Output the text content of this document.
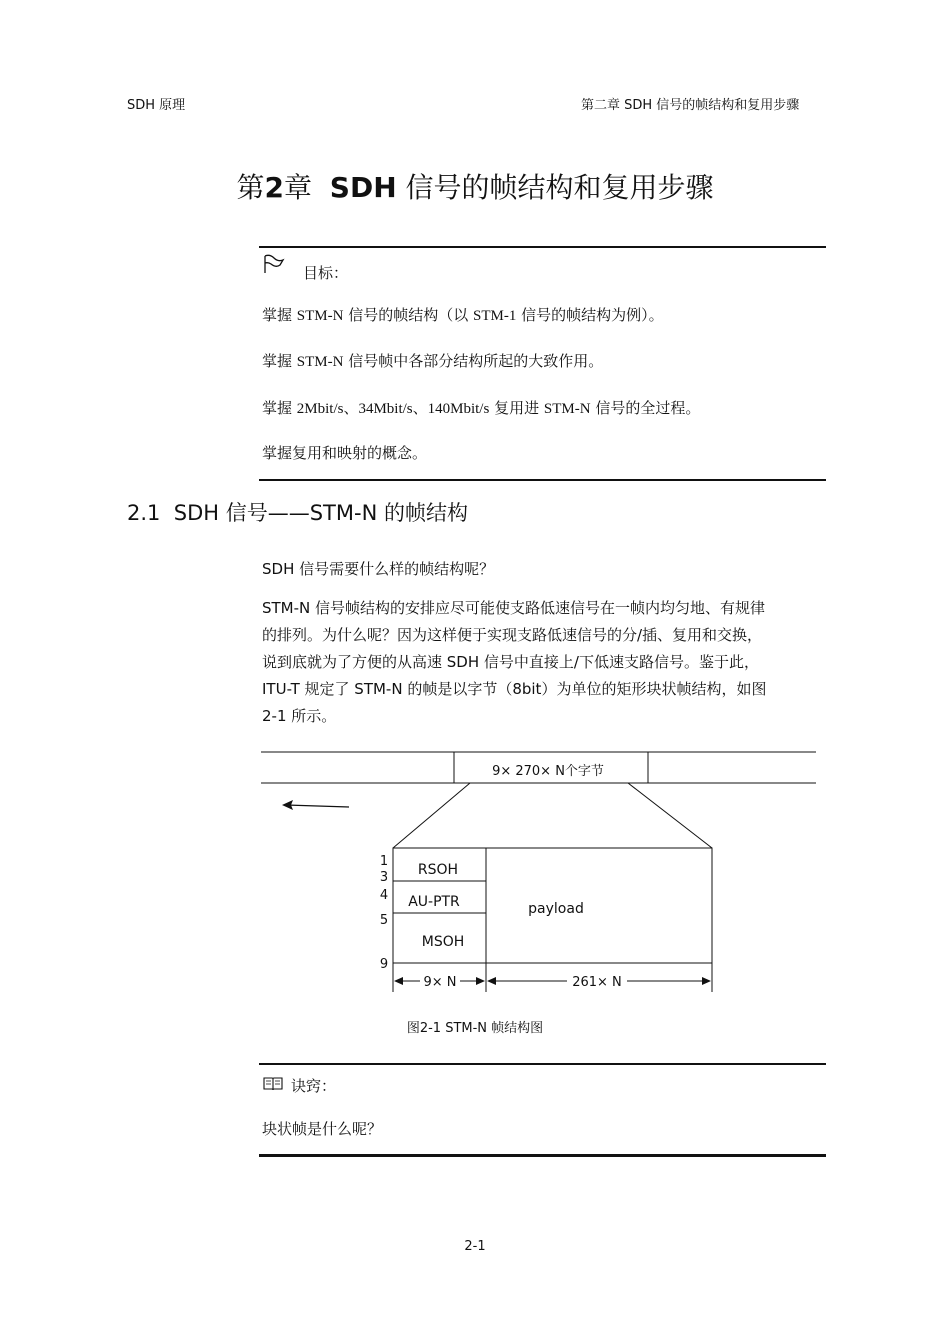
SDH 原理	第二章 SDH 信号的帧结构和复用步骤
第2章 SDH 信号的帧结构和复用步骤
目标：
掌握 STM-N 信号的帧结构（以 STM-1 信号的帧结构为例）。
掌握 STM-N 信号帧中各部分结构所起的大致作用。
掌握 2Mbit/s、34Mbit/s、140Mbit/s 复用进 STM-N 信号的全过程。
掌握复用和映射的概念。
2.1 SDH 信号——STM-N 的帧结构
SDH 信号需要什么样的帧结构呢？
STM-N 信号帧结构的安排应尽可能使支路低速信号在一帧内均匀地、有规律
的排列。为什么呢？因为这样便于实现支路低速信号的分/插、复用和交换，
说到底就为了方便的从高速 SDH 信号中直接上/下低速支路信号。鉴于此，
ITU-T 规定了 STM-N 的帧是以字节（8bit）为单位的矩形块状帧结构，如图
2-1 所示。
9× 270× N个字节
RSOH
AU-PTR
MSOH
payload
1
3
4
5
9
9× N	261× N
图2-1 STM-N 帧结构图
诀窍：
块状帧是什么呢？
2-1
